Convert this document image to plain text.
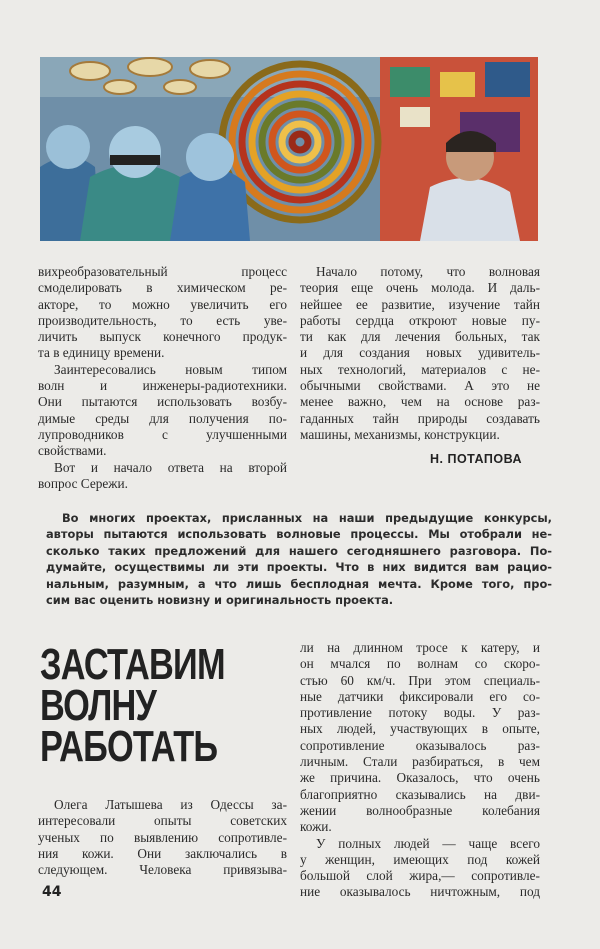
вихреобразовательный процесс
смоделировать в химическом ре-
акторе, то можно увеличить его
производительность, то есть уве-
личить выпуск конечного продук-
та в единицу времени.
Заинтересовались новым типом
волн и инженеры-радиотехники.
Они пытаются использовать возбу-
димые среды для получения по-
лупроводников с улучшенными
свойствами.
Вот и начало ответа на второй
вопрос Сережи.
Начало потому, что волновая
теория еще очень молода. И даль-
нейшее ее развитие, изучение тайн
работы сердца откроют новые пу-
ти как для лечения больных, так
и для создания новых удивитель-
ных технологий, материалов с не-
обычными свойствами. А это не
менее важно, чем на основе раз-
гаданных тайн природы создавать
машины, механизмы, конструкции.
Н. ПОТАПОВА
Во многих проектах, присланных на наши предыдущие конкурсы,
авторы пытаются использовать волновые процессы. Мы отобрали не-
сколько таких предложений для нашего сегодняшнего разговора. По-
думайте, осуществимы ли эти проекты. Что в них видится вам рацио-
нальным, разумным, а что лишь бесплодная мечта. Кроме того, про-
сим вас оценить новизну и оригинальность проекта.
ЗАСТАВИМ
ВОЛНУ
РАБОТАТЬ
Олега Латышева из Одессы за-
интересовали опыты советских
ученых по выявлению сопротивле-
ния кожи. Они заключались в
следующем. Человека привязыва-
ли на длинном тросе к катеру, и
он мчался по волнам со скоро-
стью 60 км/ч. При этом специаль-
ные датчики фиксировали его со-
противление потоку воды. У раз-
ных людей, участвующих в опыте,
сопротивление оказывалось раз-
личным. Стали разбираться, в чем
же причина. Оказалось, что очень
благоприятно сказывались на дви-
жении волнообразные колебания
кожи.
У полных людей — чаще всего
у женщин, имеющих под кожей
большой слой жира,— сопротивле-
ние оказывалось ничтожным, под
44
